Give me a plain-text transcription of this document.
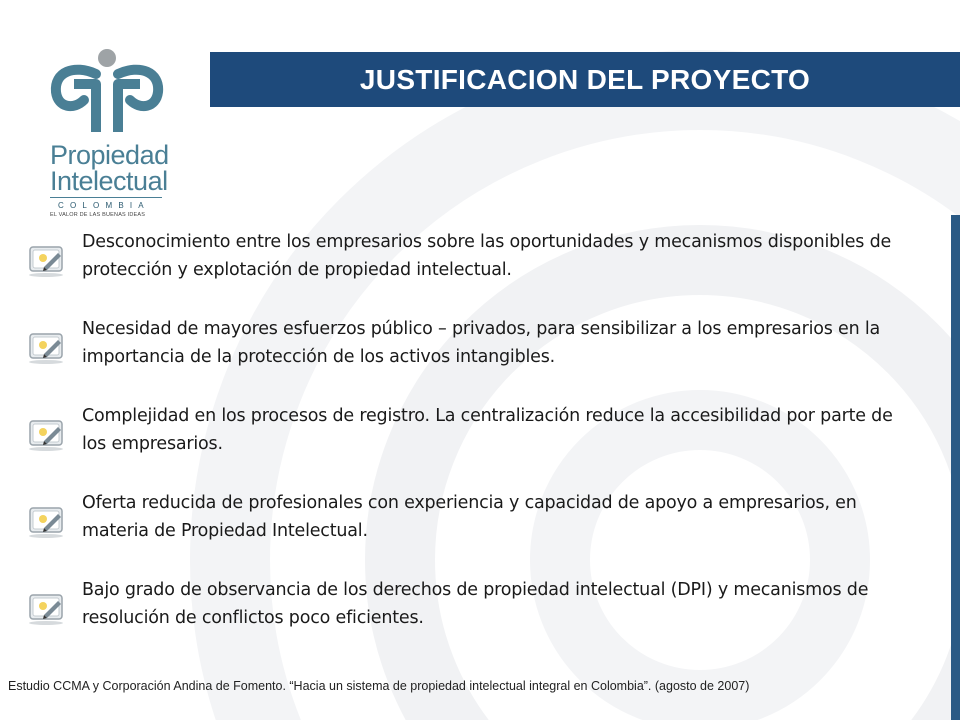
Propiedad
Intelectual
COLOMBIA
EL VALOR DE LAS BUENAS IDEAS
JUSTIFICACION DEL PROYECTO
Desconocimiento entre los empresarios sobre las oportunidades y mecanismos disponibles de protección y explotación de propiedad intelectual.
Necesidad de mayores esfuerzos público – privados, para sensibilizar a los empresarios en la importancia de la protección de los activos intangibles.
Complejidad en los procesos de registro. La centralización reduce la accesibilidad por parte de los empresarios.
Oferta reducida de profesionales con experiencia y capacidad de apoyo a empresarios, en materia de Propiedad Intelectual.
Bajo grado de observancia de los derechos de propiedad intelectual (DPI) y mecanismos de resolución de conflictos poco eficientes.
Estudio CCMA y Corporación Andina de Fomento. “Hacia un sistema de propiedad intelectual integral en Colombia”. (agosto de 2007)
